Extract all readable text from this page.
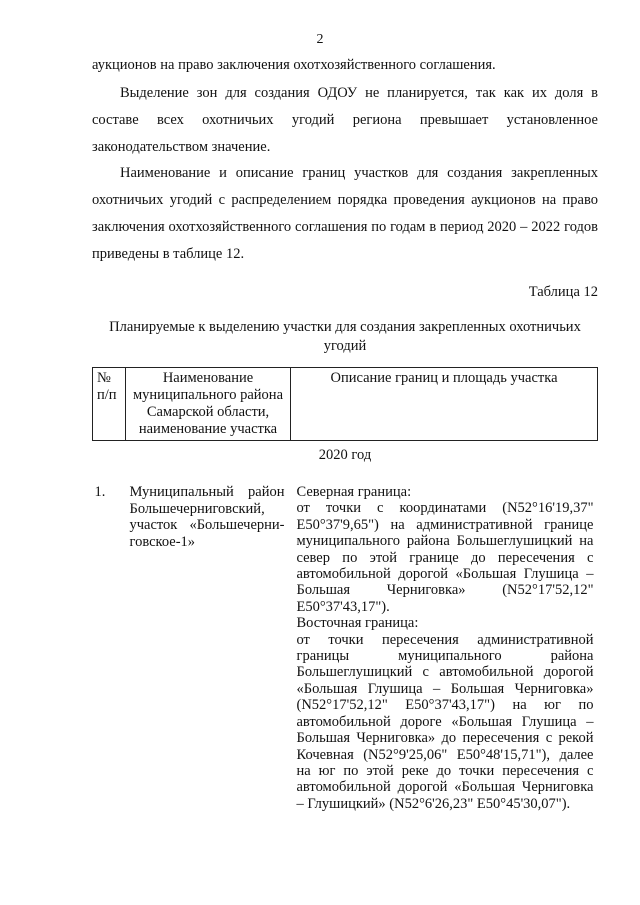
2
аукционов на право заключения охотхозяйственного соглашения.
Выделение зон для создания ОДОУ не планируется, так как их доля в составе всех охотничьих угодий региона превышает установленное законодательством значение.
Наименование и описание границ участков для создания закрепленных охотничьих угодий с распределением порядка проведения аукционов на право заключения охотхозяйственного соглашения по годам в период 2020 – 2022 годов приведены в таблице 12.
Таблица 12
Планируемые к выделению участки для создания закрепленных охотничьих угодий
№ п/п	Наименование муниципального района Самарской области, наименование участка	Описание границ и площадь участка
2020 год		
1.	Муниципальный район Большечерниговский, участок «Большечерни-говское-1»	Северная граница:
от точки с координатами (N52°16'19,37" E50°37'9,65") на административной границе муниципального района Большеглушицкий на север по этой границе до пересечения с автомобильной дорогой «Большая Глушица – Большая Черниговка» (N52°17'52,12" E50°37'43,17").
Восточная граница:
от точки пересечения административной границы муниципального района Большеглушицкий с автомобильной дорогой «Большая Глушица – Большая Черниговка» (N52°17'52,12" E50°37'43,17") на юг по автомобильной дороге «Большая Глушица – Большая Черниговка» до пересечения с рекой Кочевная (N52°9'25,06" E50°48'15,71"), далее на юг по этой реке до точки пересечения с автомобильной дорогой «Большая Черниговка – Глушицкий» (N52°6'26,23" E50°45'30,07").
